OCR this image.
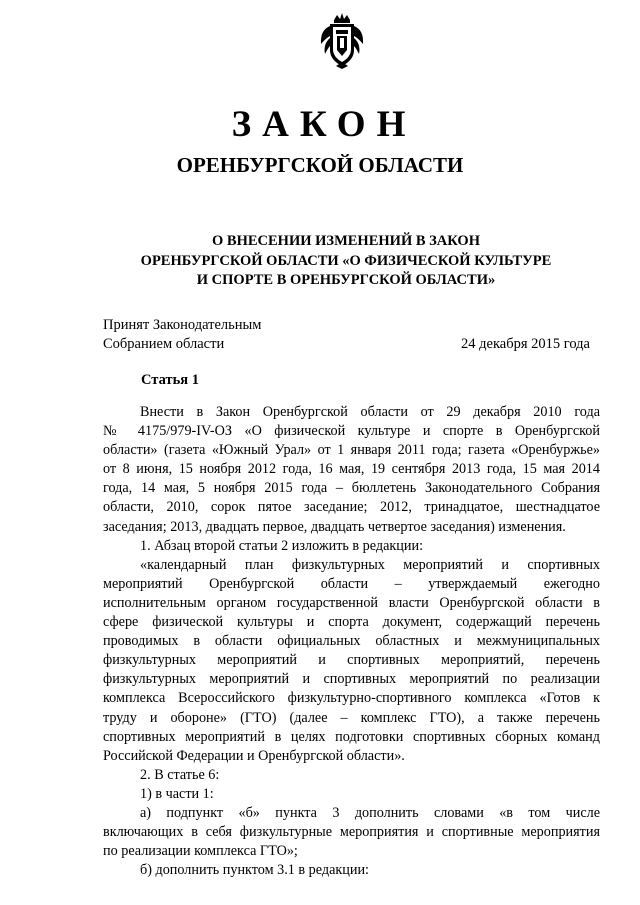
ЗАКОН
ОРЕНБУРГСКОЙ ОБЛАСТИ
О ВНЕСЕНИИ ИЗМЕНЕНИЙ В ЗАКОН
ОРЕНБУРГСКОЙ ОБЛАСТИ «О ФИЗИЧЕСКОЙ КУЛЬТУРЕ
И СПОРТЕ В ОРЕНБУРГСКОЙ ОБЛАСТИ»
Принят Законодательным
Собранием области	24 декабря 2015 года
Статья 1
Внести в Закон Оренбургской области от 29 декабря 2010 года
№ 4175/979-IV-ОЗ «О физической культуре и спорте в Оренбургской
области» (газета «Южный Урал» от 1 января 2011 года; газета «Оренбуржье»
от 8 июня, 15 ноября 2012 года, 16 мая, 19 сентября 2013 года, 15 мая 2014
года, 14 мая, 5 ноября 2015 года – бюллетень Законодательного Собрания
области, 2010, сорок пятое заседание; 2012, тринадцатое, шестнадцатое
заседания; 2013, двадцать первое, двадцать четвертое заседания) изменения.
1. Абзац второй статьи 2 изложить в редакции:
«календарный план физкультурных мероприятий и спортивных
мероприятий Оренбургской области – утверждаемый ежегодно
исполнительным органом государственной власти Оренбургской области в
сфере физической культуры и спорта документ, содержащий перечень
проводимых в области официальных областных и межмуниципальных
физкультурных мероприятий и спортивных мероприятий, перечень
физкультурных мероприятий и спортивных мероприятий по реализации
комплекса Всероссийского физкультурно-спортивного комплекса «Готов к
труду и обороне» (ГТО) (далее – комплекс ГТО), а также перечень
спортивных мероприятий в целях подготовки спортивных сборных команд
Российской Федерации и Оренбургской области».
2. В статье 6:
1) в части 1:
а) подпункт «б» пункта 3 дополнить словами «в том числе
включающих в себя физкультурные мероприятия и спортивные мероприятия
по реализации комплекса ГТО»;
б) дополнить пунктом 3.1 в редакции:
